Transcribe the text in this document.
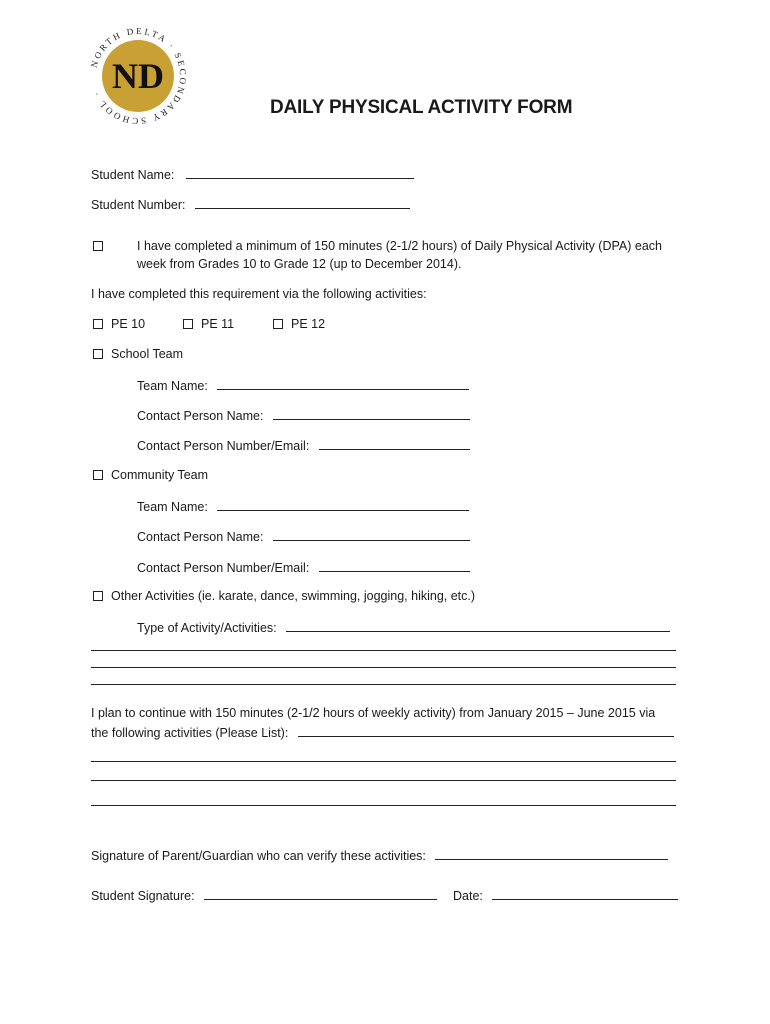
NORTH DELTA · SECONDARY SCHOOL · ND
DAILY PHYSICAL ACTIVITY FORM
Student Name:
Student Number:
I have completed a minimum of 150 minutes (2-1/2 hours) of Daily Physical Activity (DPA) each
week from Grades 10 to Grade 12 (up to December 2014).
I have completed this requirement via the following activities:
PE 10	PE 11	PE 12
School Team
Team Name:
Contact Person Name:
Contact Person Number/Email:
Community Team
Team Name:
Contact Person Name:
Contact Person Number/Email:
Other Activities (ie. karate, dance, swimming, jogging, hiking, etc.)
Type of Activity/Activities:
I plan to continue with 150 minutes (2-1/2 hours of weekly activity) from January 2015 – June 2015 via
the following activities (Please List):
Signature of Parent/Guardian who can verify these activities:
Student Signature:	Date:
